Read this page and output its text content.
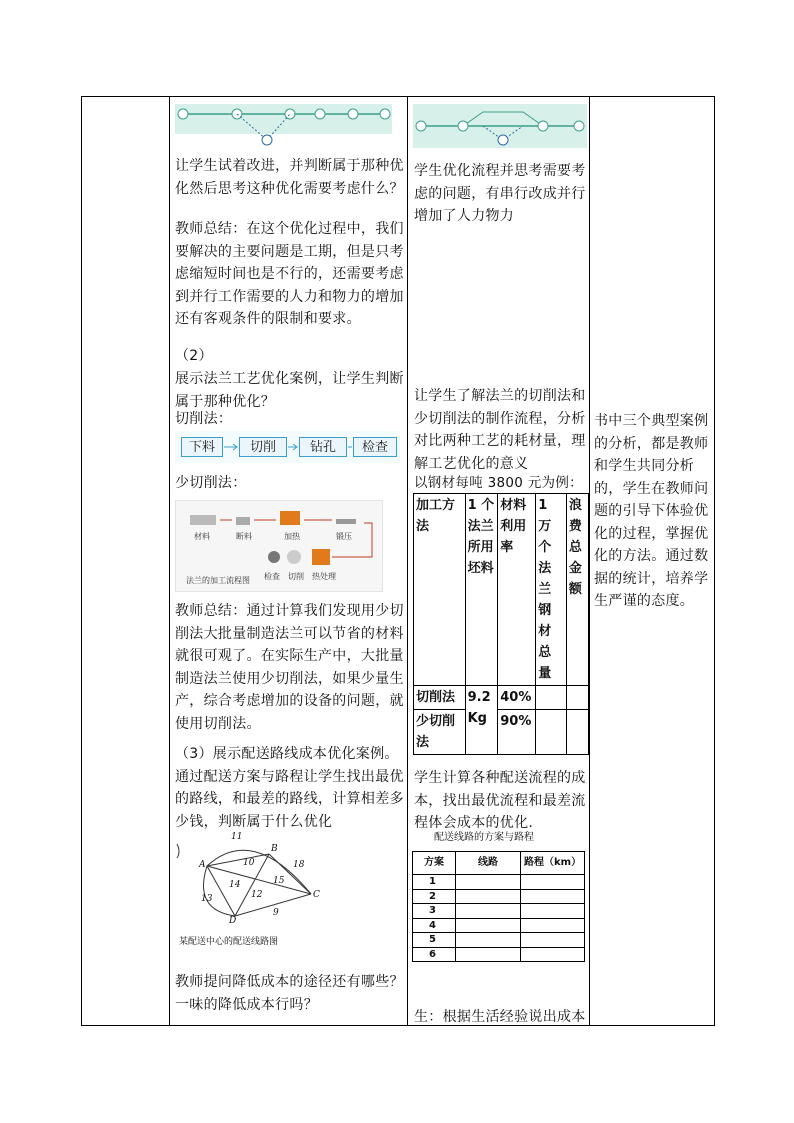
让学生试着改进，并判断属于那种优化然后思考这种优化需要考虑什么？
教师总结：在这个优化过程中，我们要解决的主要问题是工期，但是只考虑缩短时间也是不行的，还需要考虑到并行工作需要的人力和物力的增加还有客观条件的限制和要求。
（2）
展示法兰工艺优化案例，让学生判断属于那种优化？
切削法：
下料	切削	钻孔	检查
少切削法：
材料	断料	加热	锻压
热处理
切削
检查
法兰的加工流程图
教师总结：通过计算我们发现用少切削法大批量制造法兰可以节省的材料就很可观了。在实际生产中，大批量制造法兰使用少切削法，如果少量生产，综合考虑增加的设备的问题，就使用切削法。
（3）展示配送路线成本优化案例。通过配送方案与路程让学生找出最优的路线，和最差的路线，计算相差多少钱，判断属于什么优化
A
B
C
D
11
10	18
14
12
15
13
9
某配送中心的配送线路图
教师提问降低成本的途径还有哪些？一味的降低成本行吗？
学生优化流程并思考需要考虑的问题，有串行改成并行增加了人力物力
让学生了解法兰的切削法和少切削法的制作流程，分析对比两种工艺的耗材量，理解工艺优化的意义
以钢材每吨 3800 元为例：
加工方法	1 个法兰所用坯料	材料利用率	1 万个法兰钢材总量	浪费总金额
切削法	9.2 Kg	40%		
少切削法		90%		
学生计算各种配送流程的成本，找出最优流程和最差流程体会成本的优化.
配送线路的方案与路程
方案	线路	路程（km）
1		
2		
3		
4		
5		
6		
生：根据生活经验说出成本
书中三个典型案例的分析，都是教师和学生共同分析的，学生在教师问题的引导下体验优化的过程，掌握优化的方法。通过数据的统计，培养学生严谨的态度。
